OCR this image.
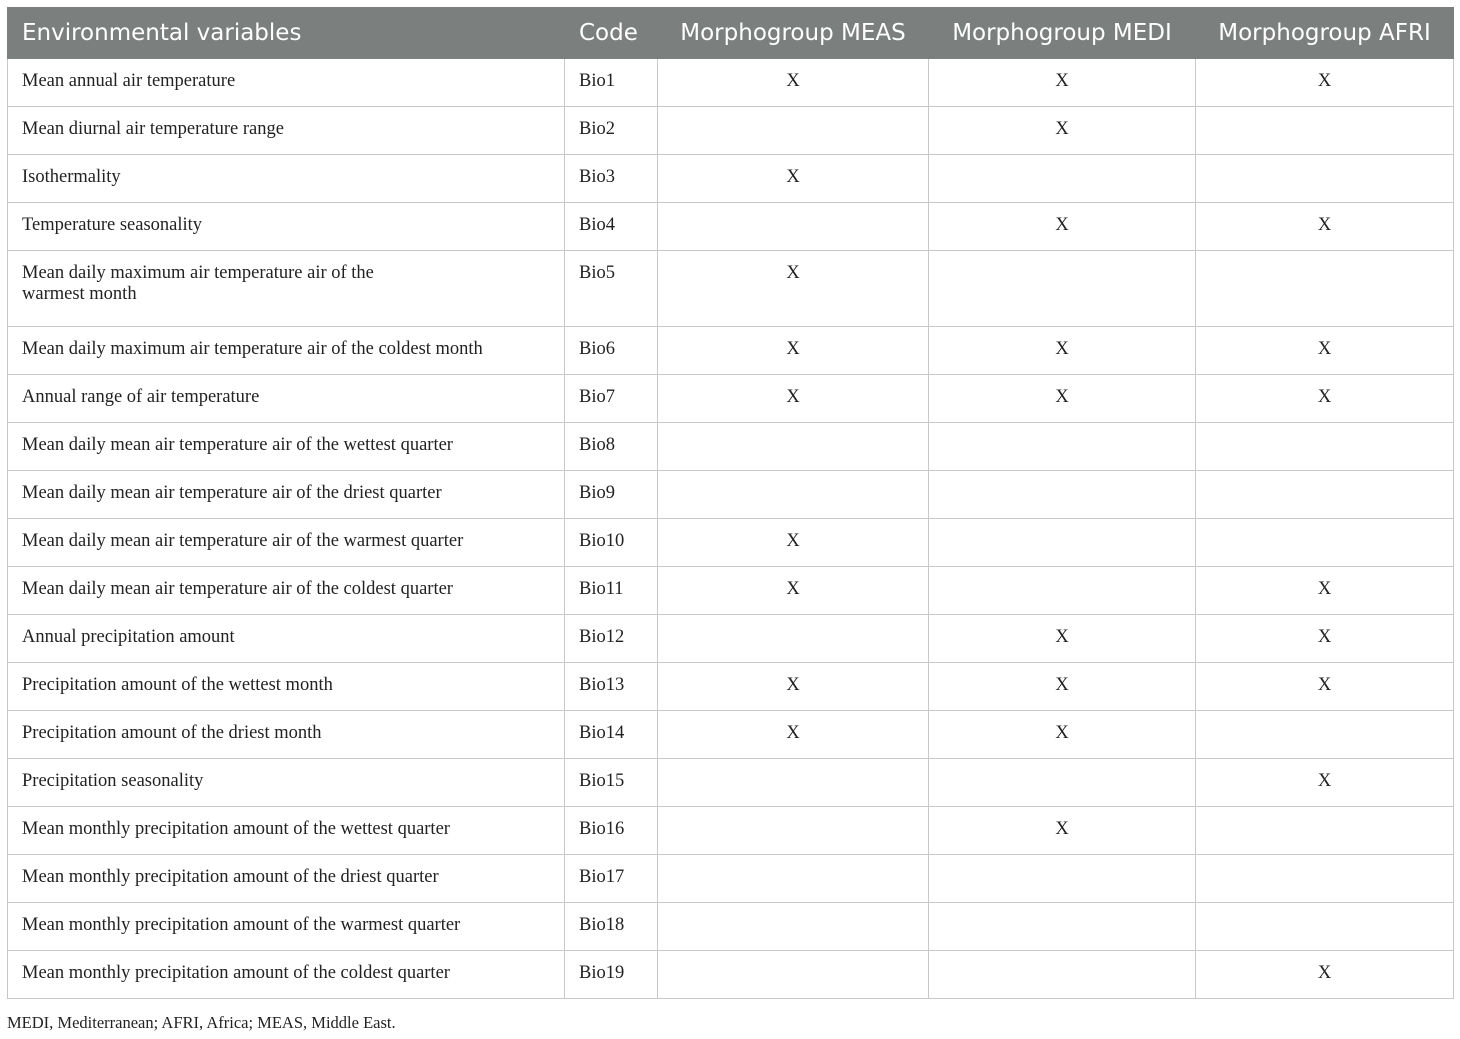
Environmental variables	Code	Morphogroup MEAS	Morphogroup MEDI	Morphogroup AFRI
Mean annual air temperature	Bio1	X	X	X
Mean diurnal air temperature range	Bio2		X	
Isothermality	Bio3	X		
Temperature seasonality	Bio4		X	X
Mean daily maximum air temperature air of the
warmest month	Bio5	X		
Mean daily maximum air temperature air of the coldest month	Bio6	X	X	X
Annual range of air temperature	Bio7	X	X	X
Mean daily mean air temperature air of the wettest quarter	Bio8			
Mean daily mean air temperature air of the driest quarter	Bio9			
Mean daily mean air temperature air of the warmest quarter	Bio10	X		
Mean daily mean air temperature air of the coldest quarter	Bio11	X		X
Annual precipitation amount	Bio12		X	X
Precipitation amount of the wettest month	Bio13	X	X	X
Precipitation amount of the driest month	Bio14	X	X	
Precipitation seasonality	Bio15			X
Mean monthly precipitation amount of the wettest quarter	Bio16		X	
Mean monthly precipitation amount of the driest quarter	Bio17			
Mean monthly precipitation amount of the warmest quarter	Bio18			
Mean monthly precipitation amount of the coldest quarter	Bio19			X
MEDI, Mediterranean; AFRI, Africa; MEAS, Middle East.
